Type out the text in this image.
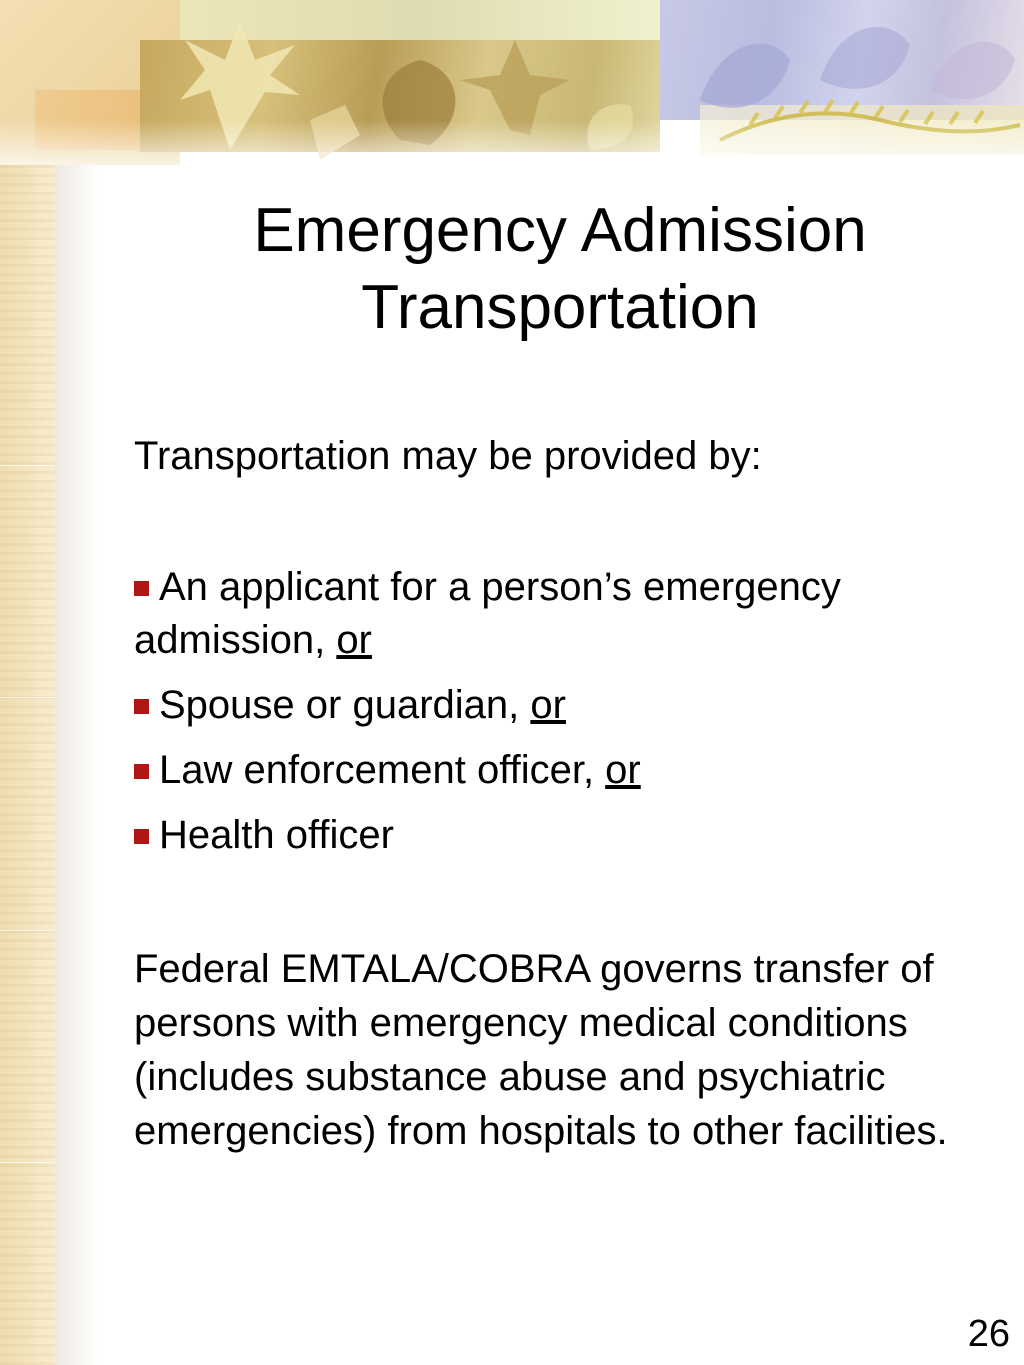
Emergency Admission
Transportation

Transportation may be provided by:

An applicant for a person’s emergency admission, or
Spouse or guardian, or
Law enforcement officer, or
Health officer

Federal EMTALA/COBRA governs transfer of persons with emergency medical conditions (includes substance abuse and psychiatric emergencies) from hospitals to other facilities.

26
